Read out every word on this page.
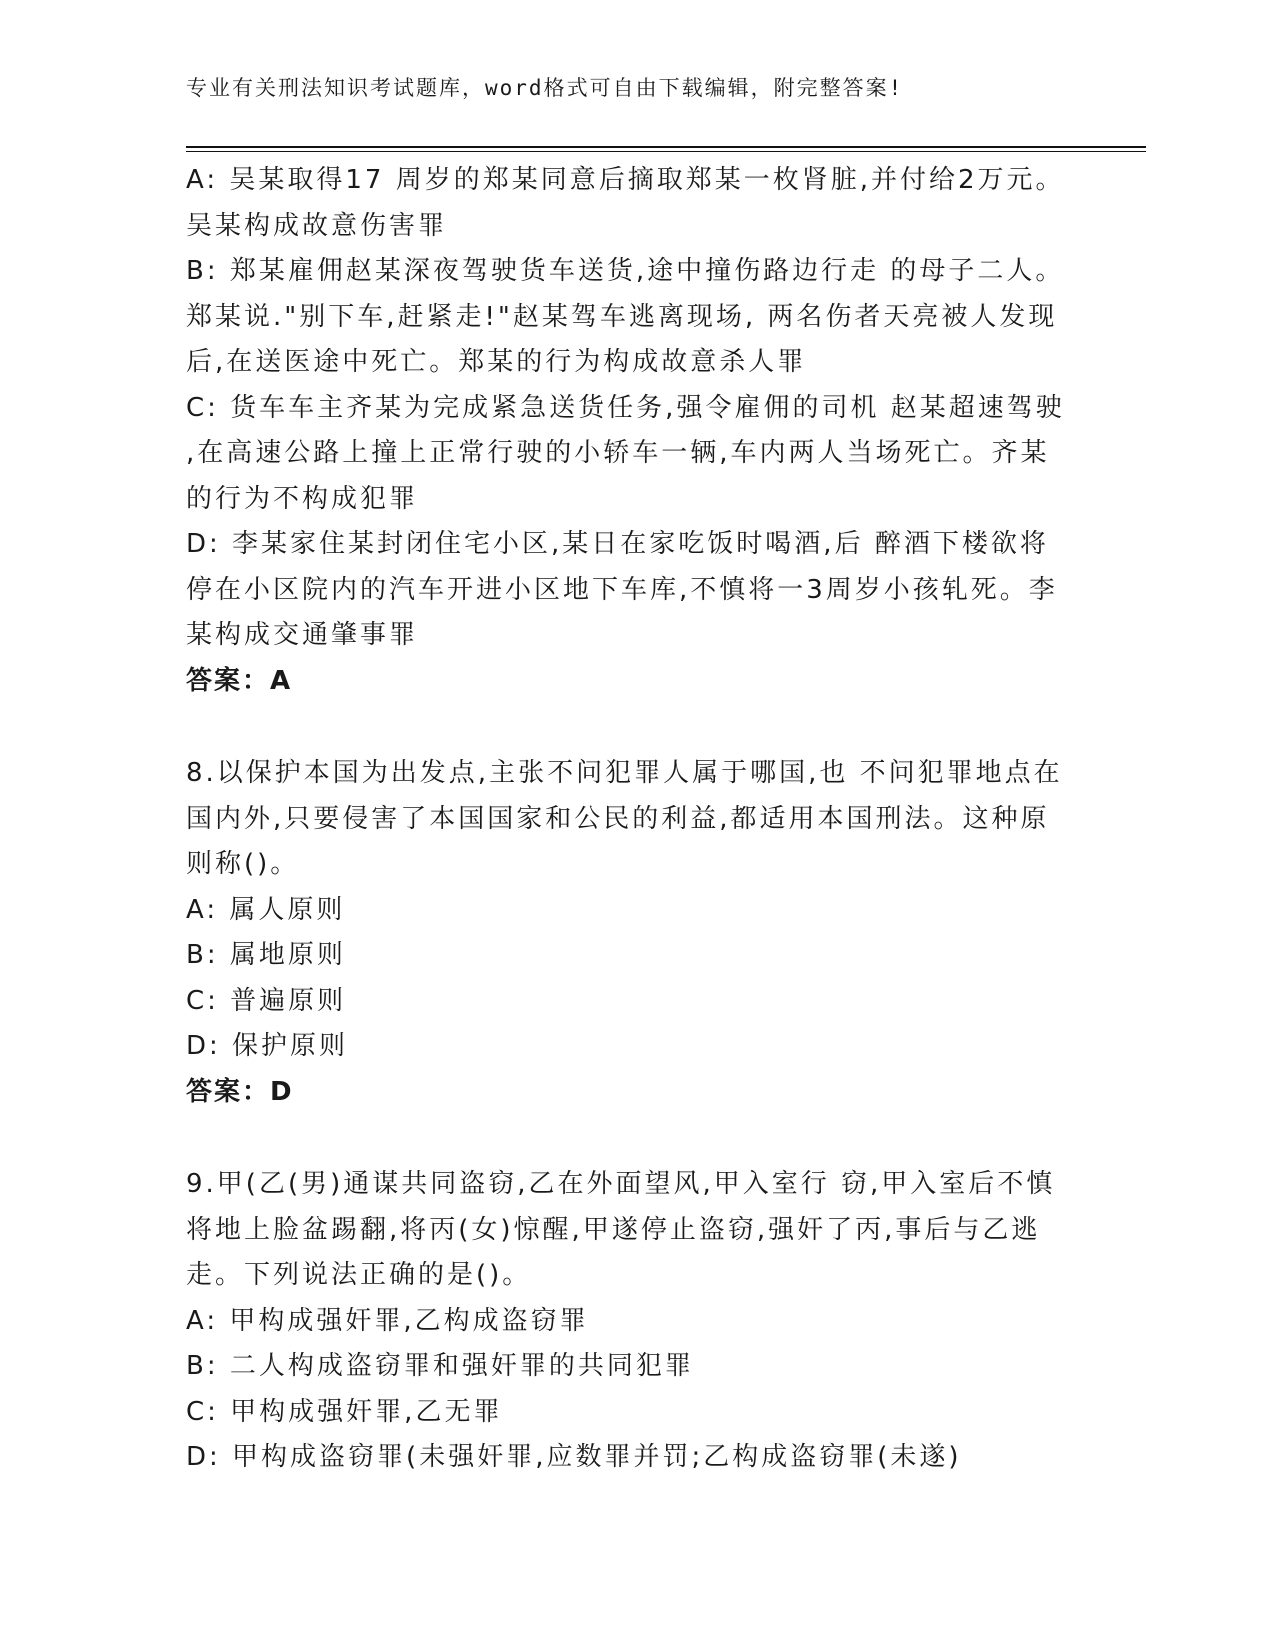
专业有关刑法知识考试题库，word格式可自由下载编辑，附完整答案!
A: 吴某取得17 周岁的郑某同意后摘取郑某一枚肾脏,并付给2万元。
吴某构成故意伤害罪
B: 郑某雇佣赵某深夜驾驶货车送货,途中撞伤路边行走 的母子二人。
郑某说."别下车,赶紧走!"赵某驾车逃离现场, 两名伤者天亮被人发现
后,在送医途中死亡。郑某的行为构成故意杀人罪
C: 货车车主齐某为完成紧急送货任务,强令雇佣的司机 赵某超速驾驶
,在高速公路上撞上正常行驶的小轿车一辆,车内两人当场死亡。齐某
的行为不构成犯罪
D: 李某家住某封闭住宅小区,某日在家吃饭时喝酒,后 醉酒下楼欲将
停在小区院内的汽车开进小区地下车库,不慎将一3周岁小孩轧死。李
某构成交通肇事罪
答案：A
8.以保护本国为出发点,主张不问犯罪人属于哪国,也 不问犯罪地点在
国内外,只要侵害了本国国家和公民的利益,都适用本国刑法。这种原
则称()。
A: 属人原则
B: 属地原则
C: 普遍原则
D: 保护原则
答案：D
9.甲(乙(男)通谋共同盗窃,乙在外面望风,甲入室行 窃,甲入室后不慎
将地上脸盆踢翻,将丙(女)惊醒,甲遂停止盗窃,强奸了丙,事后与乙逃
走。下列说法正确的是()。
A: 甲构成强奸罪,乙构成盗窃罪
B: 二人构成盗窃罪和强奸罪的共同犯罪
C: 甲构成强奸罪,乙无罪
D: 甲构成盗窃罪(未强奸罪,应数罪并罚;乙构成盗窃罪(未遂)
